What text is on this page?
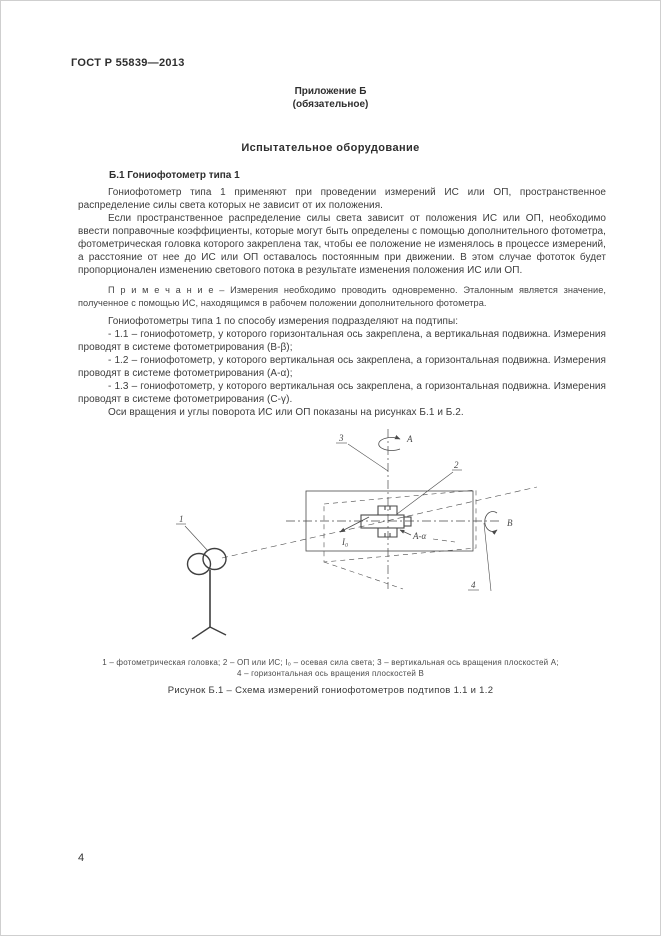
ГОСТ Р 55839—2013
Приложение Б
(обязательное)
Испытательное оборудование
Б.1 Гониофотометр типа 1

Гониофотометр типа 1 применяют при проведении измерений ИС или ОП, пространственное распределение силы света которых не зависит от их положения.

Если пространственное распределение силы света зависит от положения ИС или ОП, необходимо ввести поправочные коэффициенты, которые могут быть определены с помощью дополнительного фотометра, фотометрическая головка которого закреплена так, чтобы ее положение не изменялось в процессе измерений, а расстояние от нее до ИС или ОП оставалось постоянным при движении. В этом случае фототок будет пропорционален изменению светового потока в результате изменения положения ИС или ОП.

П р и м е ч а н и е – Измерения необходимо проводить одновременно. Эталонным является значение, полученное с помощью ИС, находящимся в рабочем положении дополнительного фотометра.

Гониофотометры типа 1 по способу измерения подразделяют на подтипы:

- 1.1 – гониофотометр, у которого горизонтальная ось закреплена, а вертикальная подвижна. Измерения проводят в системе фотометрирования (B-β);

- 1.2 – гониофотометр, у которого вертикальная ось закреплена, а горизонтальная подвижна. Измерения проводят в системе фотометрирования (A-α);

- 1.3 – гониофотометр, у которого вертикальная ось закреплена, а горизонтальная подвижна. Измерения проводят в системе фотометрирования (C-γ).

Оси вращения и углы поворота ИС или ОП показаны на рисунках Б.1 и Б.2.

A
3
I₀
A-α
2
B
4
1
1 – фотометрическая головка; 2 – ОП или ИС; I₀ – осевая сила света; 3 – вертикальная ось вращения плоскостей A;
4 – горизонтальная ось вращения плоскостей B
Рисунок Б.1 – Схема измерений гониофотометров подтипов 1.1 и 1.2
4
